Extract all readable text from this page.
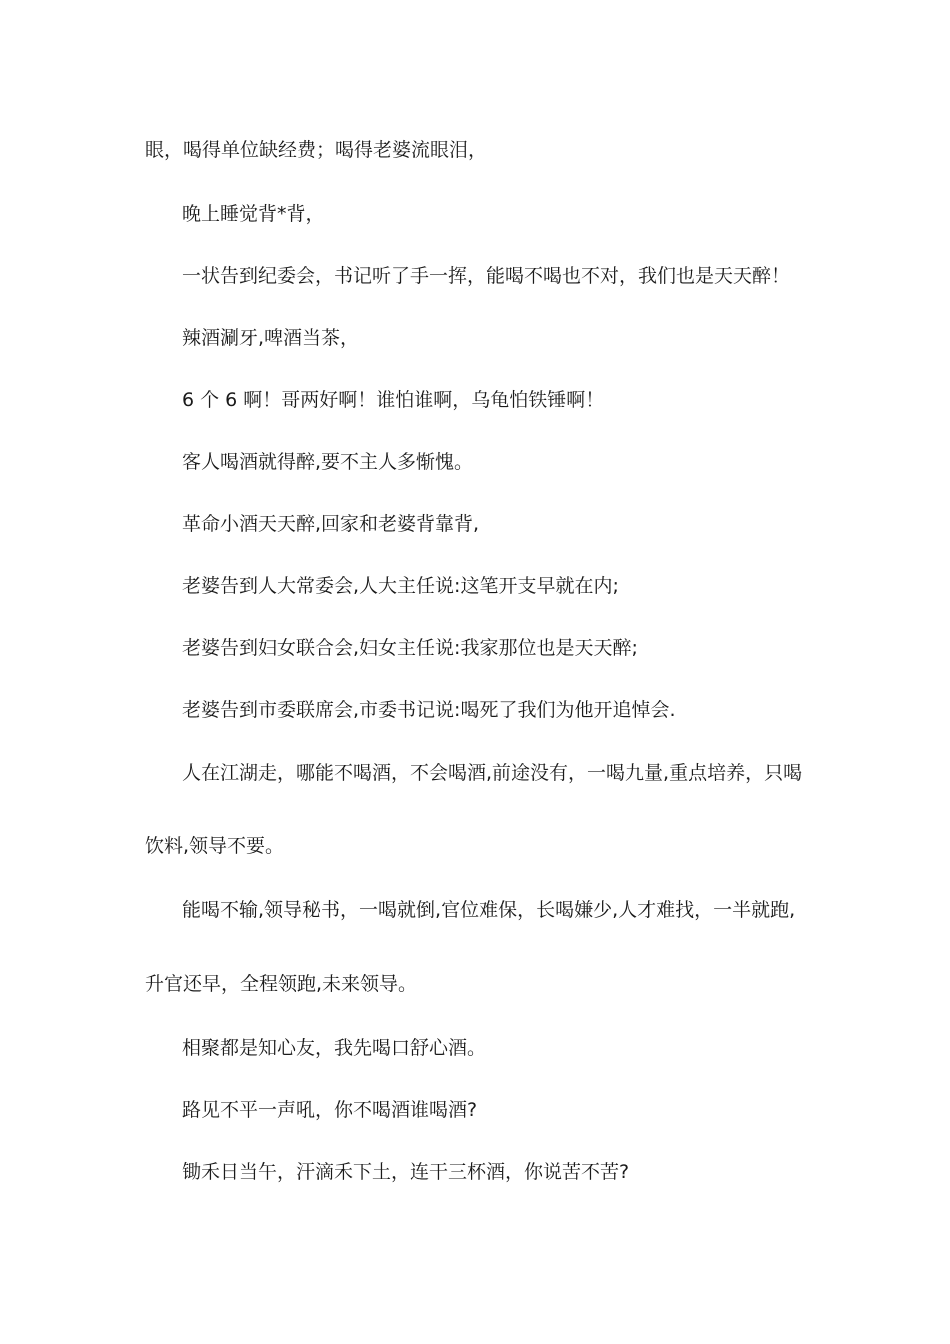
眼，喝得单位缺经费；喝得老婆流眼泪，
晚上睡觉背*背，
一状告到纪委会，书记听了手一挥，能喝不喝也不对，我们也是天天醉！
辣酒涮牙,啤酒当茶，
6 个 6 啊！哥两好啊！谁怕谁啊，乌龟怕铁锤啊！
客人喝酒就得醉,要不主人多惭愧。
革命小酒天天醉,回家和老婆背靠背,
老婆告到人大常委会,人大主任说:这笔开支早就在内;
老婆告到妇女联合会,妇女主任说:我家那位也是天天醉;
老婆告到市委联席会,市委书记说:喝死了我们为他开追悼会.
人在江湖走，哪能不喝酒，不会喝酒,前途没有，一喝九量,重点培养，只喝
饮料,领导不要。
能喝不输,领导秘书，一喝就倒,官位难保，长喝嫌少,人才难找，一半就跑,
升官还早，全程领跑,未来领导。
相聚都是知心友，我先喝口舒心酒。
路见不平一声吼，你不喝酒谁喝酒?
锄禾日当午，汗滴禾下土，连干三杯酒，你说苦不苦?
